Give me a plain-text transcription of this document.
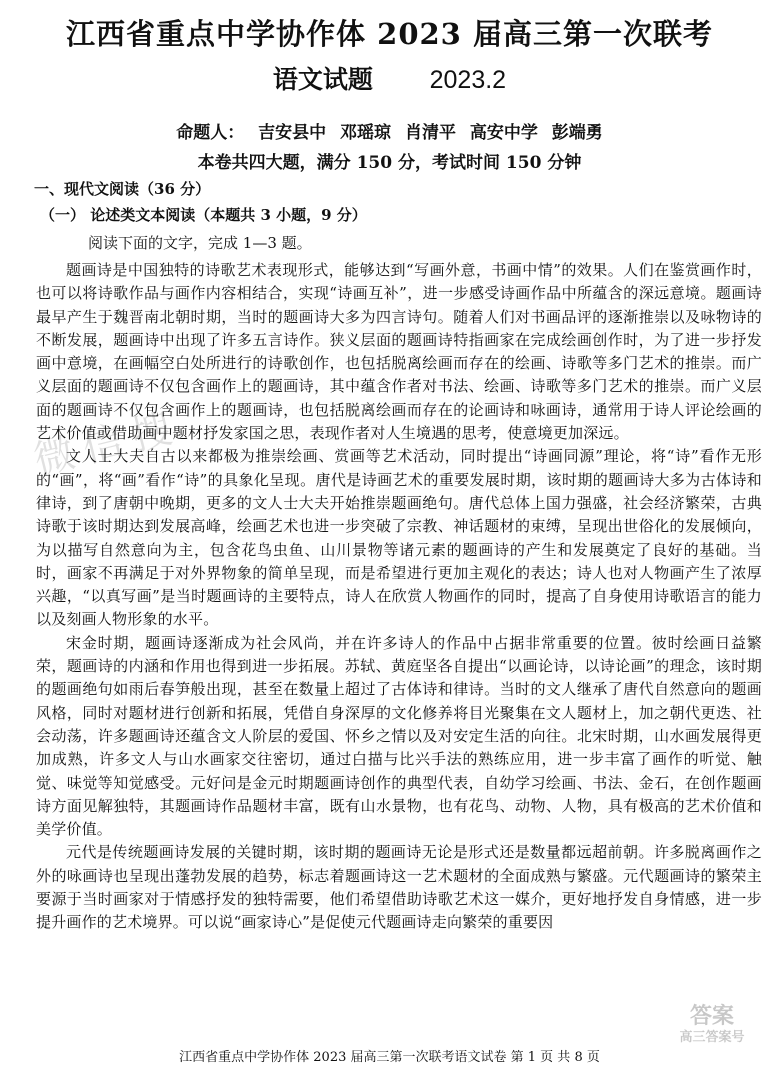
江西省重点中学协作体 2023 届高三第一次联考
语文试题 2023.2
命题人： 吉安县中 邓瑶琼 肖清平 高安中学 彭端勇
本卷共四大题，满分 150 分，考试时间 150 分钟
一、现代文阅读（36 分）
（一） 论述类文本阅读（本题共 3 小题，9 分）
阅读下面的文字，完成 1—3 题。

题画诗是中国独特的诗歌艺术表现形式，能够达到“写画外意，书画中情”的效果。人们在鉴赏画作时，也可以将诗歌作品与画作内容相结合，实现“诗画互补”，进一步感受诗画作品中所蕴含的深远意境。题画诗最早产生于魏晋南北朝时期，当时的题画诗大多为四言诗句。随着人们对书画品评的逐渐推崇以及咏物诗的不断发展，题画诗中出现了许多五言诗作。狭义层面的题画诗特指画家在完成绘画创作时，为了进一步抒发画中意境，在画幅空白处所进行的诗歌创作，也包括脱离绘画而存在的绘画、诗歌等多门艺术的推崇。而广义层面的题画诗不仅包含画作上的题画诗，其中蕴含作者对书法、绘画、诗歌等多门艺术的推崇。而广义层面的题画诗不仅包含画作上的题画诗，也包括脱离绘画而存在的论画诗和咏画诗，通常用于诗人评论绘画的艺术价值或借助画中题材抒发家国之思，表现作者对人生境遇的思考，使意境更加深远。

文人士大夫自古以来都极为推崇绘画、赏画等艺术活动，同时提出“诗画同源”理论，将“诗”看作无形的“画”，将“画”看作“诗”的具象化呈现。唐代是诗画艺术的重要发展时期，该时期的题画诗大多为古体诗和律诗，到了唐朝中晚期，更多的文人士大夫开始推崇题画绝句。唐代总体上国力强盛，社会经济繁荣，古典诗歌于该时期达到发展高峰，绘画艺术也进一步突破了宗教、神话题材的束缚，呈现出世俗化的发展倾向，为以描写自然意向为主，包含花鸟虫鱼、山川景物等诸元素的题画诗的产生和发展奠定了良好的基础。当时，画家不再满足于对外界物象的简单呈现，而是希望进行更加主观化的表达；诗人也对人物画产生了浓厚兴趣，“以真写画”是当时题画诗的主要特点，诗人在欣赏人物画作的同时，提高了自身使用诗歌语言的能力以及刻画人物形象的水平。

宋金时期，题画诗逐渐成为社会风尚，并在许多诗人的作品中占据非常重要的位置。彼时绘画日益繁荣，题画诗的内涵和作用也得到进一步拓展。苏轼、黄庭坚各自提出“以画论诗，以诗论画”的理念，该时期的题画绝句如雨后春笋般出现，甚至在数量上超过了古体诗和律诗。当时的文人继承了唐代自然意向的题画风格，同时对题材进行创新和拓展，凭借自身深厚的文化修养将目光聚集在文人题材上，加之朝代更迭、社会动荡，许多题画诗还蕴含文人阶层的爱国、怀乡之情以及对安定生活的向往。北宋时期，山水画发展得更加成熟，许多文人与山水画家交往密切，通过白描与比兴手法的熟练应用，进一步丰富了画作的听觉、触觉、味觉等知觉感受。元好问是金元时期题画诗创作的典型代表，自幼学习绘画、书法、金石，在创作题画诗方面见解独特，其题画诗作品题材丰富，既有山水景物，也有花鸟、动物、人物，具有极高的艺术价值和美学价值。

元代是传统题画诗发展的关键时期，该时期的题画诗无论是形式还是数量都远超前朝。许多脱离画作之外的咏画诗也呈现出蓬勃发展的趋势，标志着题画诗这一艺术题材的全面成熟与繁盛。元代题画诗的繁荣主要源于当时画家对于情感抒发的独特需要，他们希望借助诗歌艺术这一媒介，更好地抒发自身情感，进一步提升画作的艺术境界。可以说“画家诗心”是促使元代题画诗走向繁荣的重要因

微信搜
江西省重点中学协作体 2023 届高三第一次联考语文试卷 第 1 页 共 8 页
答案
高三答案号
